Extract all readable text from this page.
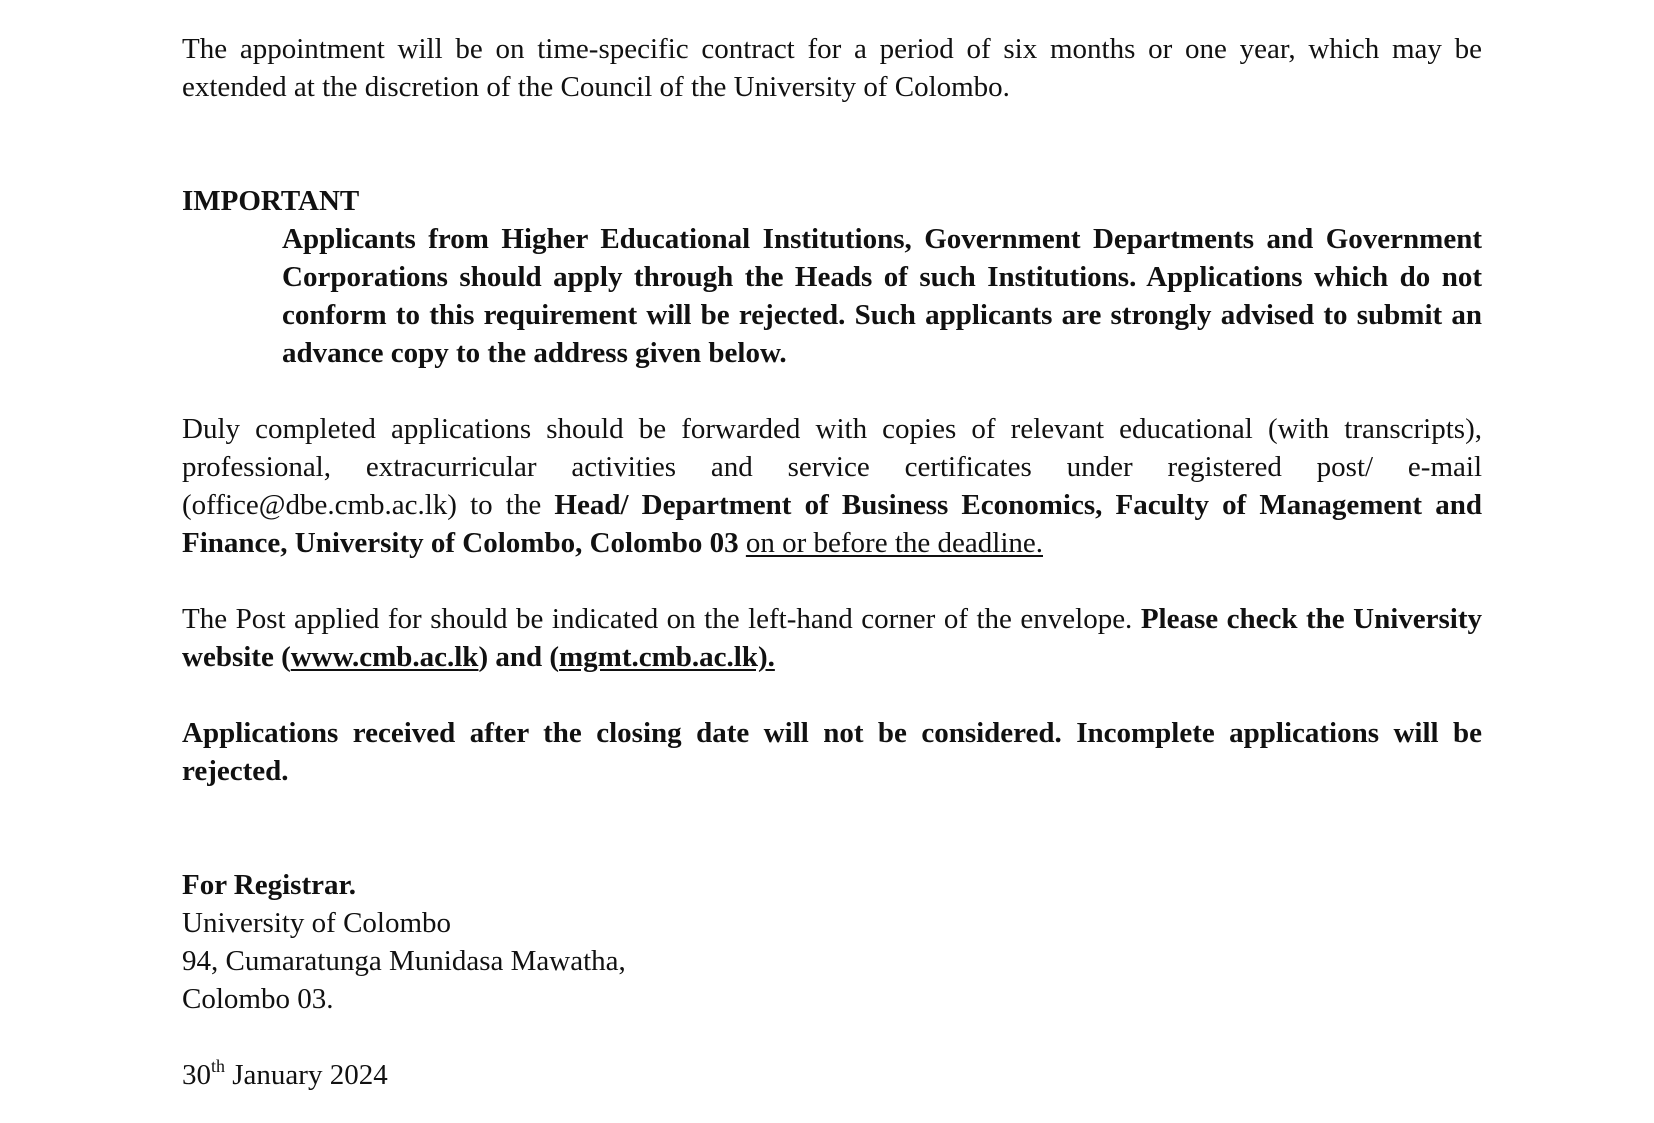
The appointment will be on time-specific contract for a period of six months or one year, which may be extended at the discretion of the Council of the University of Colombo.

IMPORTANT

Applicants from Higher Educational Institutions, Government Departments and Government Corporations should apply through the Heads of such Institutions. Applications which do not conform to this requirement will be rejected. Such applicants are strongly advised to submit an advance copy to the address given below.

Duly completed applications should be forwarded with copies of relevant educational (with transcripts), professional, extracurricular activities and service certificates under registered post/ e-mail (office@dbe.cmb.ac.lk) to the Head/ Department of Business Economics, Faculty of Management and Finance, University of Colombo, Colombo 03 on or before the deadline.

The Post applied for should be indicated on the left-hand corner of the envelope. Please check the University website (www.cmb.ac.lk) and (mgmt.cmb.ac.lk).

Applications received after the closing date will not be considered. Incomplete applications will be rejected.

For Registrar.
University of Colombo
94, Cumaratunga Munidasa Mawatha,
Colombo 03.
30th January 2024
